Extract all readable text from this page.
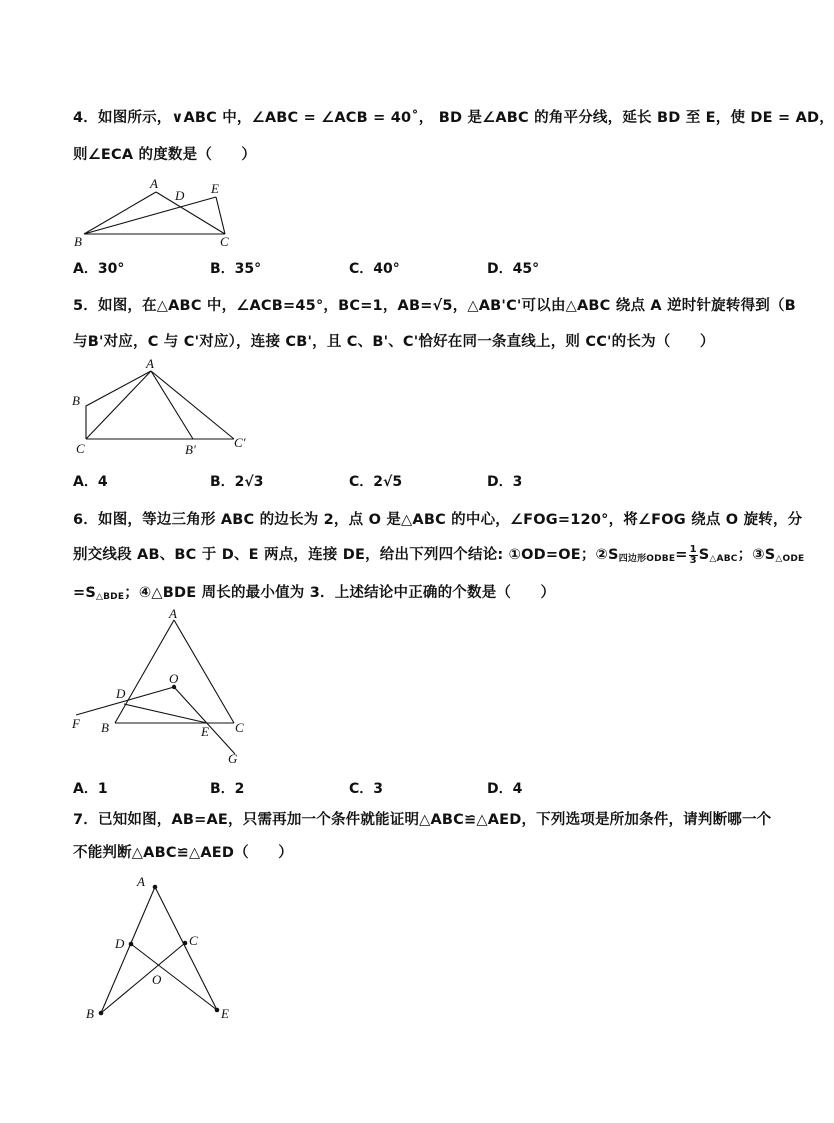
4．如图所示，∨ABC 中，∠ABC = ∠ACB = 40˚， BD 是∠ABC 的角平分线，延长 BD 至 E，使 DE = AD，
则∠ECA 的度数是（　　）
A
D E
B	C
A．30°	B．35°	C．40°	D．45°
5．如图，在△ABC 中，∠ACB=45°，BC=1，AB=√5，△AB'C'可以由△ABC 绕点 A 逆时针旋转得到（B
与B'对应，C 与 C'对应），连接 CB'，且 C、B'、C'恰好在同一条直线上，则 CC'的长为（　　）
A
B
C	B′	C′
A．4	B．2√3	C．2√5	D．3
6．如图，等边三角形 ABC 的边长为 2，点 O 是△ABC 的中心，∠FOG=120°，将∠FOG 绕点 O 旋转，分
别交线段 AB、BC 于 D、E 两点，连接 DE，给出下列四个结论: ①OD=OE；$②S_{四边形ODBE}= \frac{1}{3} S_{\triangle ABC}$；$③S_{\triangle ODE}$
$=S_{\triangle BDE}$；④△BDE 周长的最小值为 3．上述结论中正确的个数是（　　）
A
O
D
F B	E C
G
A．1	B．2	C．3	D．4
7．已知如图，AB=AE，只需再加一个条件就能证明△ABC≌△AED，下列选项是所加条件，请判断哪一个
不能判断△ABC≌△AED（　　）
A
D	C
O
B	E
